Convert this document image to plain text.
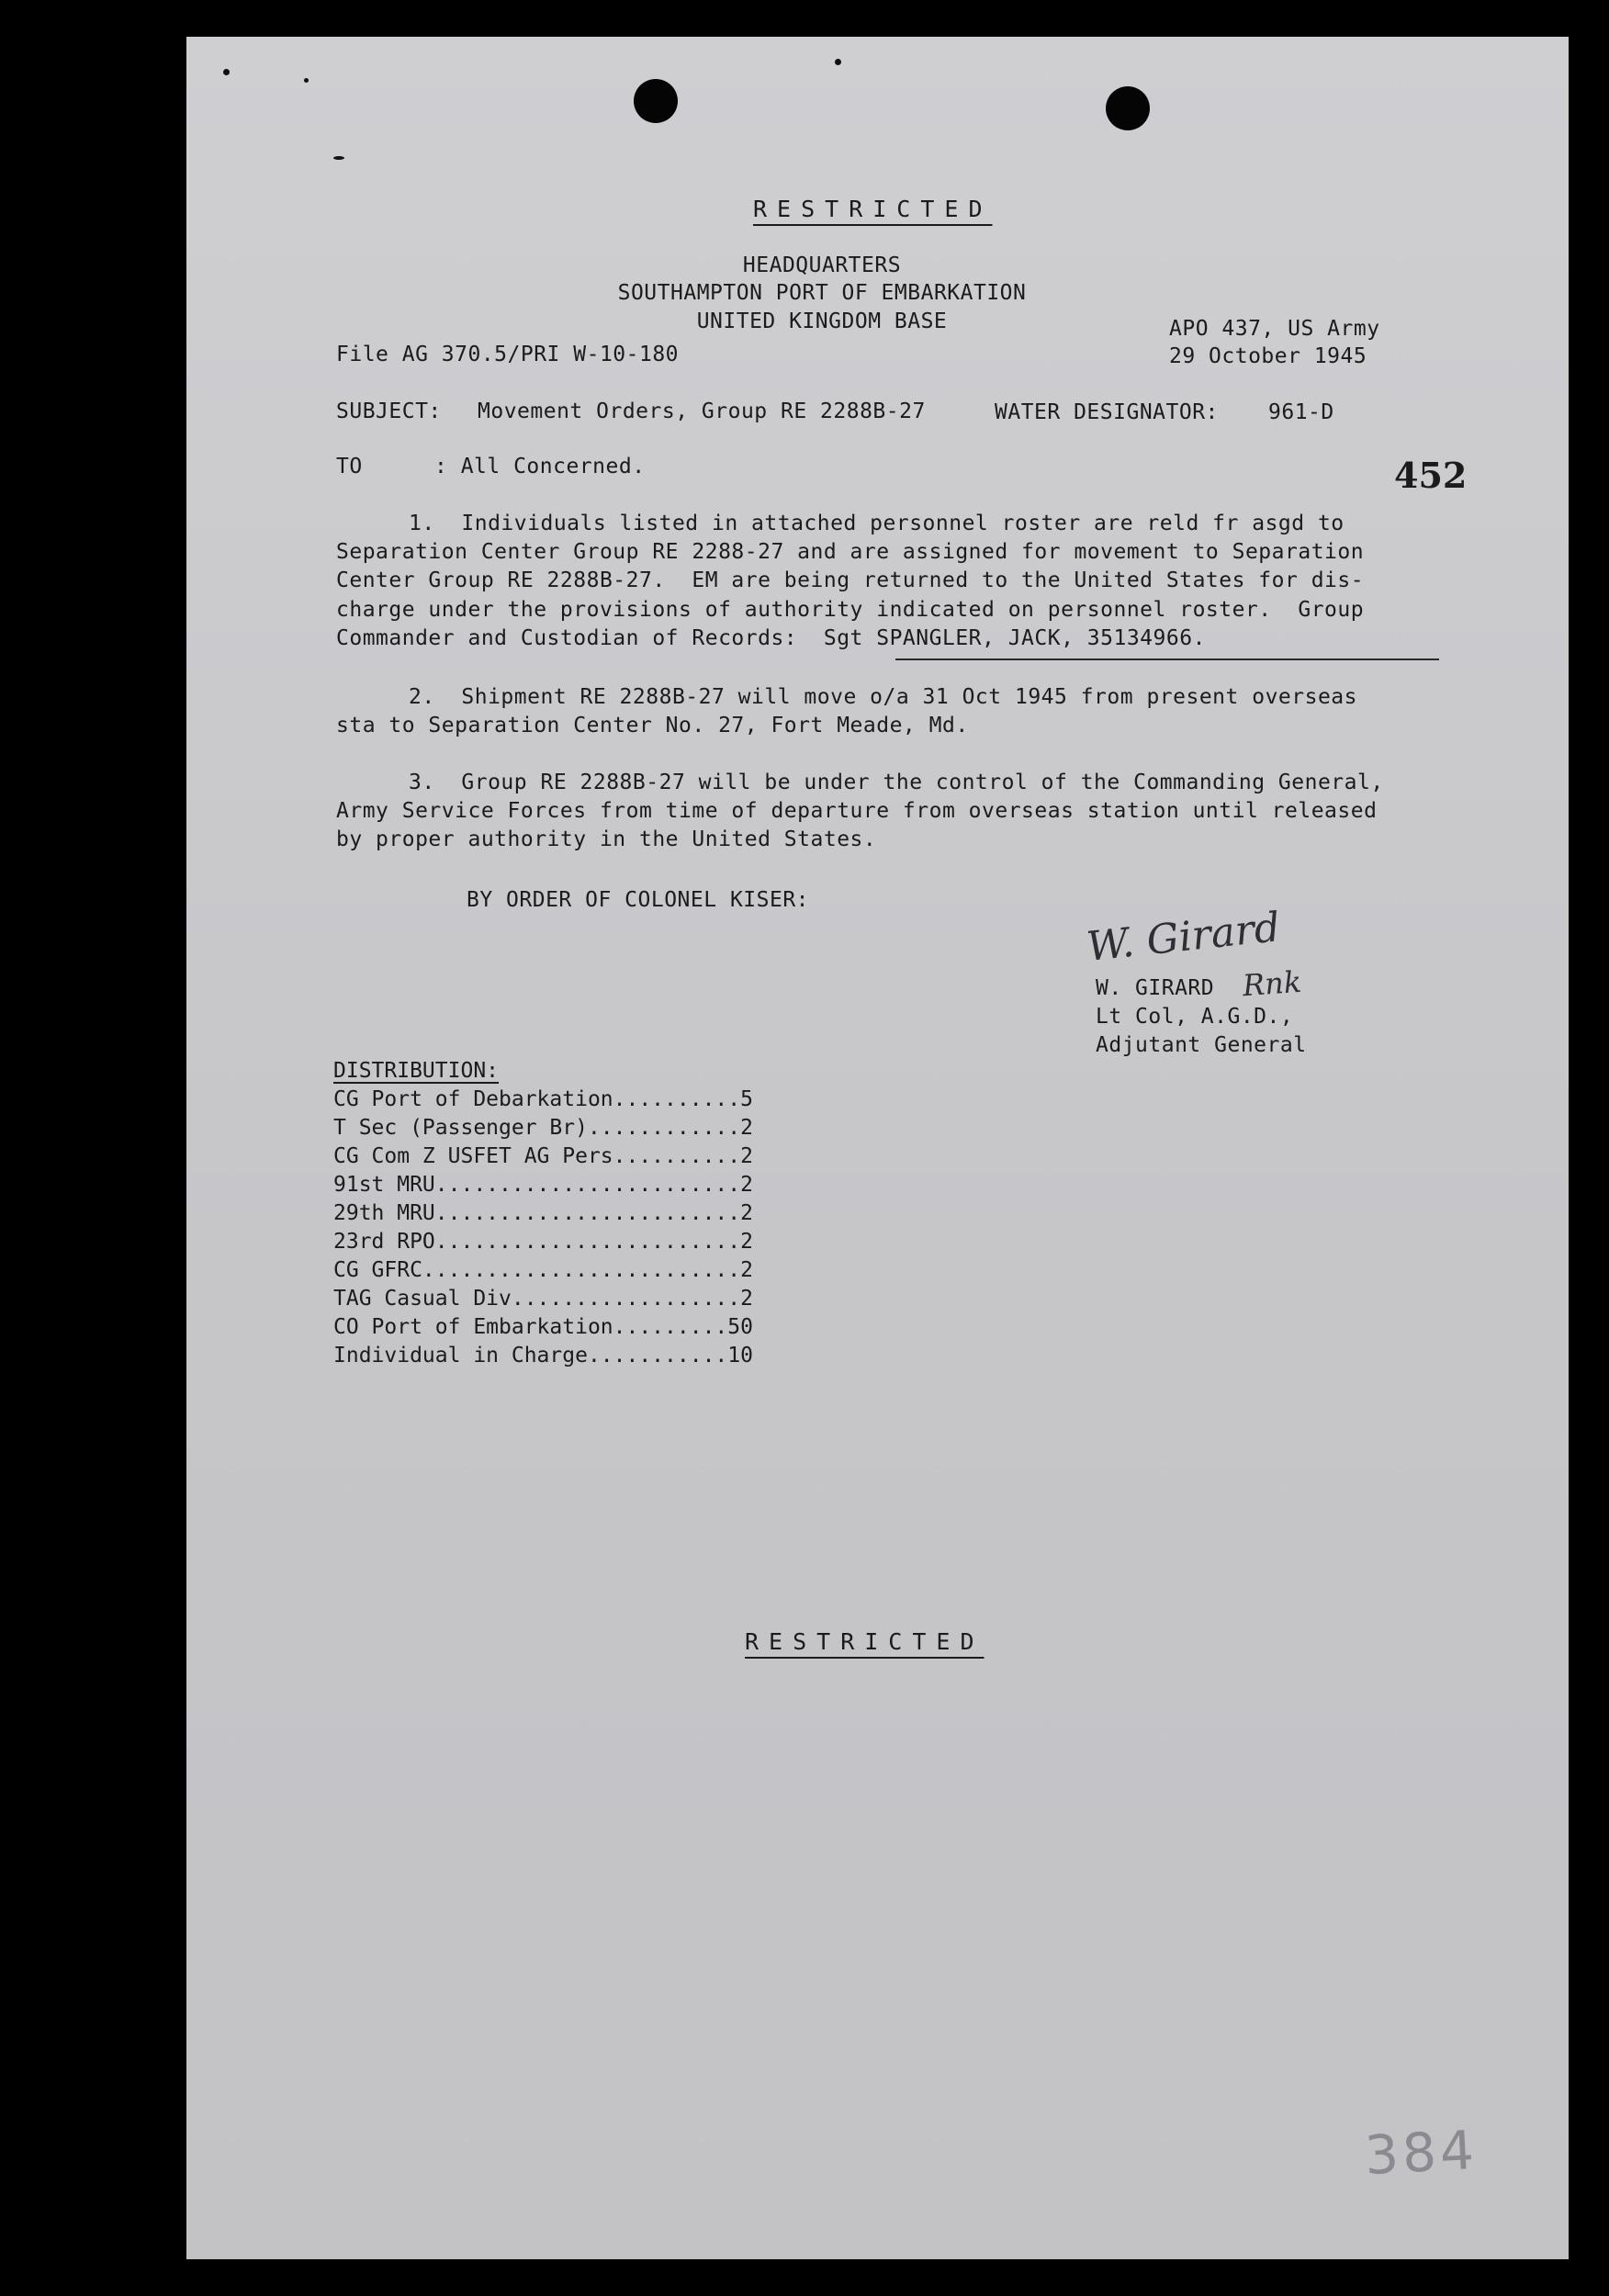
RESTRICTED
HEADQUARTERS
SOUTHAMPTON PORT OF EMBARKATION
UNITED KINGDOM BASE	APO 437, US Army
File AG 370.5/PRI W-10-180	29 October 1945
SUBJECT: Movement Orders, Group RE 2288B-27	WATER DESIGNATOR: 961-D
TO	: All Concerned.	452
1.  Individuals listed in attached personnel roster are reld fr asgd to
Separation Center Group RE 2288-27 and are assigned for movement to Separation
Center Group RE 2288B-27.  EM are being returned to the United States for dis-
charge under the provisions of authority indicated on personnel roster.  Group
Commander and Custodian of Records:  Sgt SPANGLER, JACK, 35134966.
2.  Shipment RE 2288B-27 will move o/a 31 Oct 1945 from present overseas
sta to Separation Center No. 27, Fort Meade, Md.
3.  Group RE 2288B-27 will be under the control of the Commanding General,
Army Service Forces from time of departure from overseas station until released
by proper authority in the United States.
BY ORDER OF COLONEL KISER:
W. Girard
W. GIRARD Rnk
Lt Col, A.G.D.,
Adjutant General
DISTRIBUTION:
CG Port of Debarkation..........5
T Sec (Passenger Br)............2
CG Com Z USFET AG Pers..........2
91st MRU........................2
29th MRU........................2
23rd RPO........................2
CG GFRC.........................2
TAG Casual Div..................2
CO Port of Embarkation.........50
Individual in Charge...........10
RESTRICTED
384
